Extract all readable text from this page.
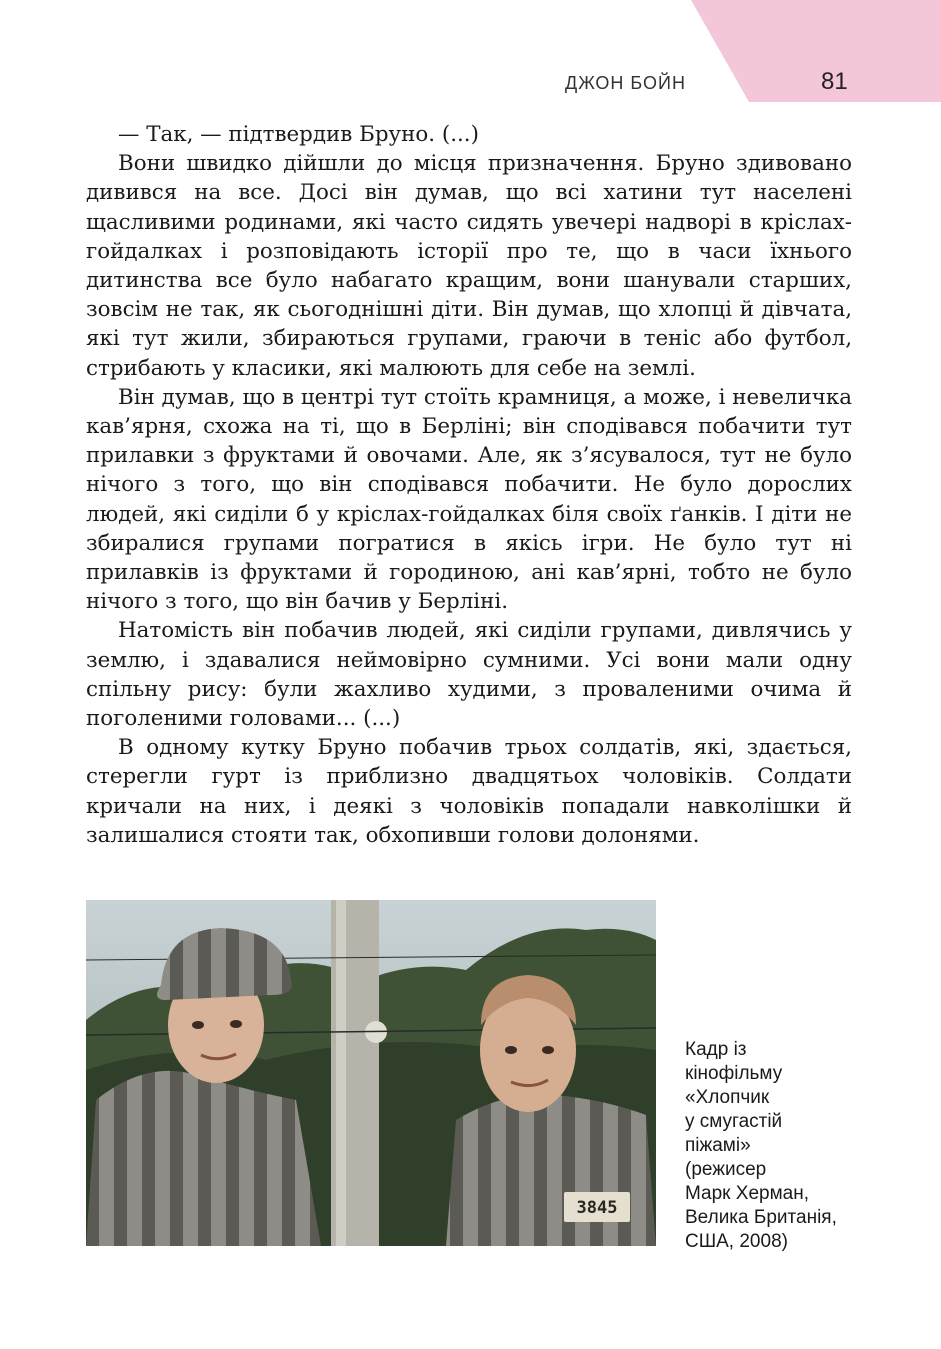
ДЖОН БОЙН	81

— Так, — підтвердив Бруно. (...)

Вони швидко дійшли до місця призначення. Бруно здивовано дивився на все. Досі він думав, що всі хатини тут населені щасливими родинами, які часто сидять увечері надворі в кріслах-гойдалках і розповідають історії про те, що в часи їхнього дитинства все було набагато кращим, вони шанували старших, зовсім не так, як сьогоднішні діти. Він думав, що хлопці й дівчата, які тут жили, збираються групами, граючи в теніс або футбол, стрибають у класики, які малюють для себе на землі.

Він думав, що в центрі тут стоїть крамниця, а може, і невеличка кав’ярня, схожа на ті, що в Берліні; він сподівався побачити тут прилавки з фруктами й овочами. Але, як з’ясувалося, тут не було нічого з того, що він сподівався побачити. Не було дорослих людей, які сиділи б у кріслах-гойдалках біля своїх ґанків. І діти не збиралися групами погратися в якісь ігри. Не було тут ні прилавків із фруктами й городиною, ані кав’ярні, тобто не було нічого з того, що він бачив у Берліні.

Натомість він побачив людей, які сиділи групами, дивлячись у землю, і здавалися неймовірно сумними. Усі вони мали одну спільну рису: були жахливо худими, з провaленими очима й поголеними головами... (...)

В одному кутку Бруно побачив трьох солдатів, які, здається, стерегли гурт із приблизно двадцятьох чоловіків. Солдати кричали на них, і деякі з чоловіків попадали навколішки й залишалися стояти так, обхопивши голови долонями.

3845
Кадр із
кінофільму
«Хлопчик
у смугастій
піжамі»
(режисер
Марк Херман,
Велика Британія,
США, 2008)
